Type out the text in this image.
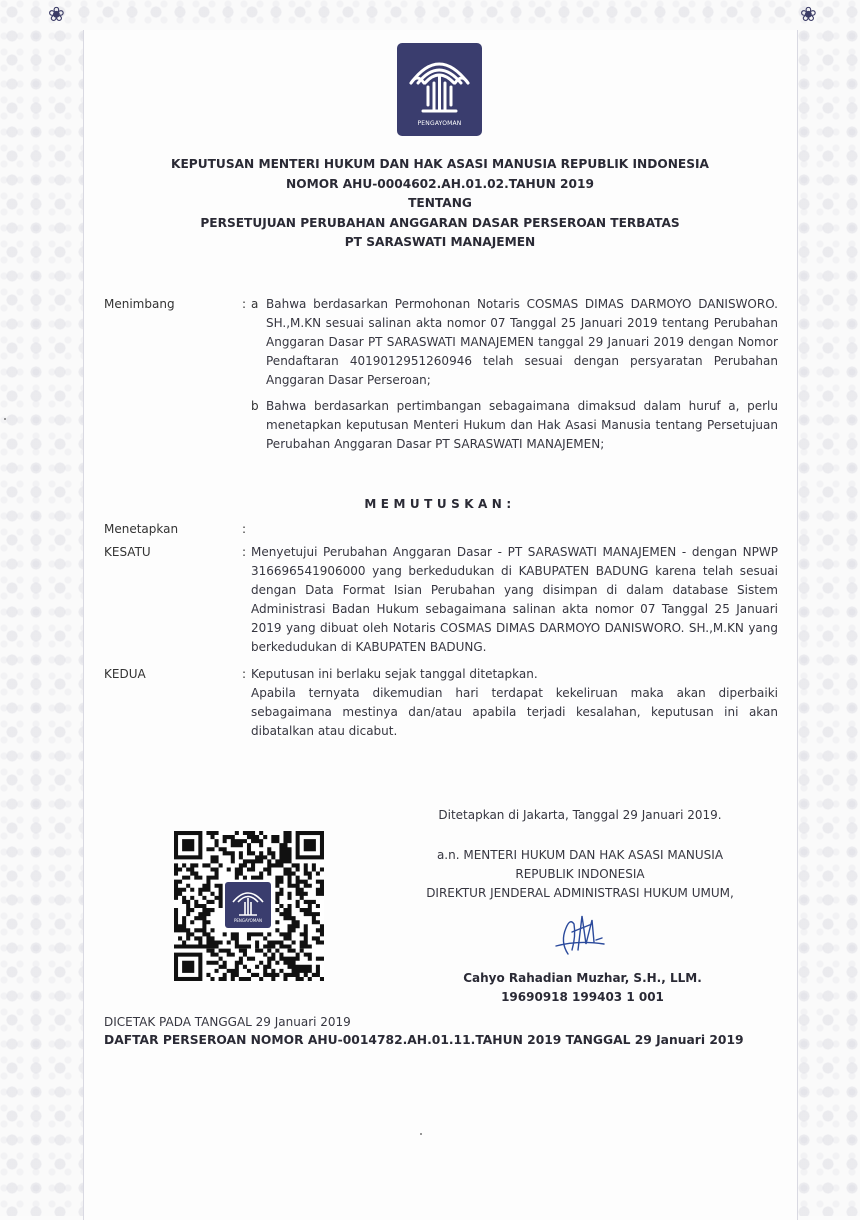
❀	❀
PENGAYOMAN
KEPUTUSAN MENTERI HUKUM DAN HAK ASASI MANUSIA REPUBLIK INDONESIA
NOMOR AHU-0004602.AH.01.02.TAHUN 2019
TENTANG
PERSETUJUAN PERUBAHAN ANGGARAN DASAR PERSEROAN TERBATAS
PT SARASWATI MANAJEMEN
Menimbang	: a Bahwa berdasarkan Permohonan Notaris COSMAS DIMAS DARMOYO DANISWORO. SH.,M.KN sesuai salinan akta nomor 07 Tanggal 25 Januari 2019 tentang Perubahan Anggaran Dasar PT SARASWATI MANAJEMEN tanggal 29 Januari 2019 dengan Nomor Pendaftaran 4019012951260946 telah sesuai dengan persyaratan Perubahan Anggaran Dasar Perseroan;
b Bahwa berdasarkan pertimbangan sebagaimana dimaksud dalam huruf a, perlu menetapkan keputusan Menteri Hukum dan Hak Asasi Manusia tentang Persetujuan Perubahan Anggaran Dasar PT SARASWATI MANAJEMEN;
MEMUTUSKAN:
Menetapkan	:
KESATU	: Menyetujui Perubahan Anggaran Dasar - PT SARASWATI MANAJEMEN - dengan NPWP 316696541906000 yang berkedudukan di KABUPATEN BADUNG karena telah sesuai dengan Data Format Isian Perubahan yang disimpan di dalam database Sistem Administrasi Badan Hukum sebagaimana salinan akta nomor 07 Tanggal 25 Januari 2019 yang dibuat oleh Notaris COSMAS DIMAS DARMOYO DANISWORO. SH.,M.KN yang berkedudukan di KABUPATEN BADUNG.
KEDUA	: Keputusan ini berlaku sejak tanggal ditetapkan.
Apabila ternyata dikemudian hari terdapat kekeliruan maka akan diperbaiki sebagaimana mestinya dan/atau apabila terjadi kesalahan, keputusan ini akan dibatalkan atau dicabut.
Ditetapkan di Jakarta, Tanggal 29 Januari 2019.
a.n. MENTERI HUKUM DAN HAK ASASI MANUSIA
REPUBLIK INDONESIA
DIREKTUR JENDERAL ADMINISTRASI HUKUM UMUM,
Cahyo Rahadian Muzhar, S.H., LLM.
19690918 199403 1 001
PENGAYOMAN
DICETAK PADA TANGGAL 29 Januari 2019
DAFTAR PERSEROAN NOMOR AHU-0014782.AH.01.11.TAHUN 2019 TANGGAL 29 Januari 2019
